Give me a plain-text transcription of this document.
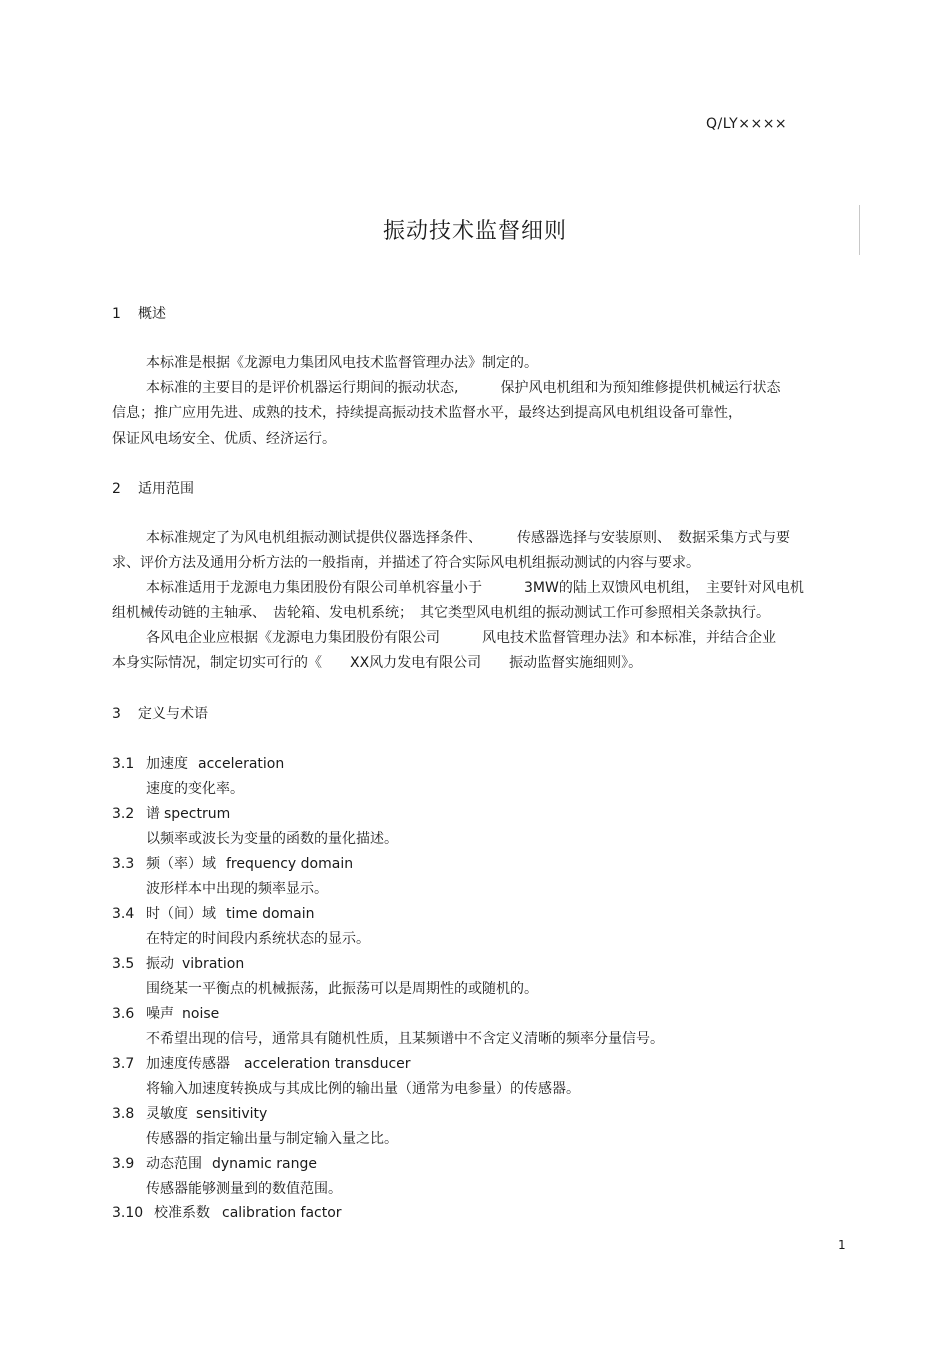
Q/LY××××
振动技术监督细则
1 概述
本标准是根据《龙源电力集团风电技术监督管理办法》制定的。
本标准的主要目的是评价机器运行期间的振动状态,　　　保护风电机组和为预知维修提供机械运行状态
信息；推广应用先进、成熟的技术，持续提高振动技术监督水平，最终达到提高风电机组设备可靠性，
保证风电场安全、优质、经济运行。
2 适用范围
本标准规定了为风电机组振动测试提供仪器选择条件、　　　传感器选择与安装原则、　数据采集方式与要
求、评价方法及通用分析方法的一般指南，并描述了符合实际风电机组振动测试的内容与要求。
本标准适用于龙源电力集团股份有限公司单机容量小于　　　3MW的陆上双馈风电机组，　主要针对风电机
组机械传动链的主轴承、　齿轮箱、发电机系统；　其它类型风电机组的振动测试工作可参照相关条款执行。
各风电企业应根据《龙源电力集团股份有限公司　　　风电技术监督管理办法》和本标准，并结合企业
本身实际情况，制定切实可行的《　　XX风力发电有限公司　　振动监督实施细则》。
3 定义与术语
3.1 加速度 acceleration
速度的变化率。
3.2 谱 spectrum
以频率或波长为变量的函数的量化描述。
3.3 频（率）域 frequency domain
波形样本中出现的频率显示。
3.4 时（间）域 time domain
在特定的时间段内系统状态的显示。
3.5 振动 vibration
围绕某一平衡点的机械振荡，此振荡可以是周期性的或随机的。
3.6 噪声 noise
不希望出现的信号，通常具有随机性质，且某频谱中不含定义清晰的频率分量信号。
3.7 加速度传感器 acceleration transducer
将输入加速度转换成与其成比例的输出量（通常为电参量）的传感器。
3.8 灵敏度 sensitivity
传感器的指定输出量与制定输入量之比。
3.9 动态范围 dynamic range
传感器能够测量到的数值范围。
3.10 校准系数 calibration factor
1
